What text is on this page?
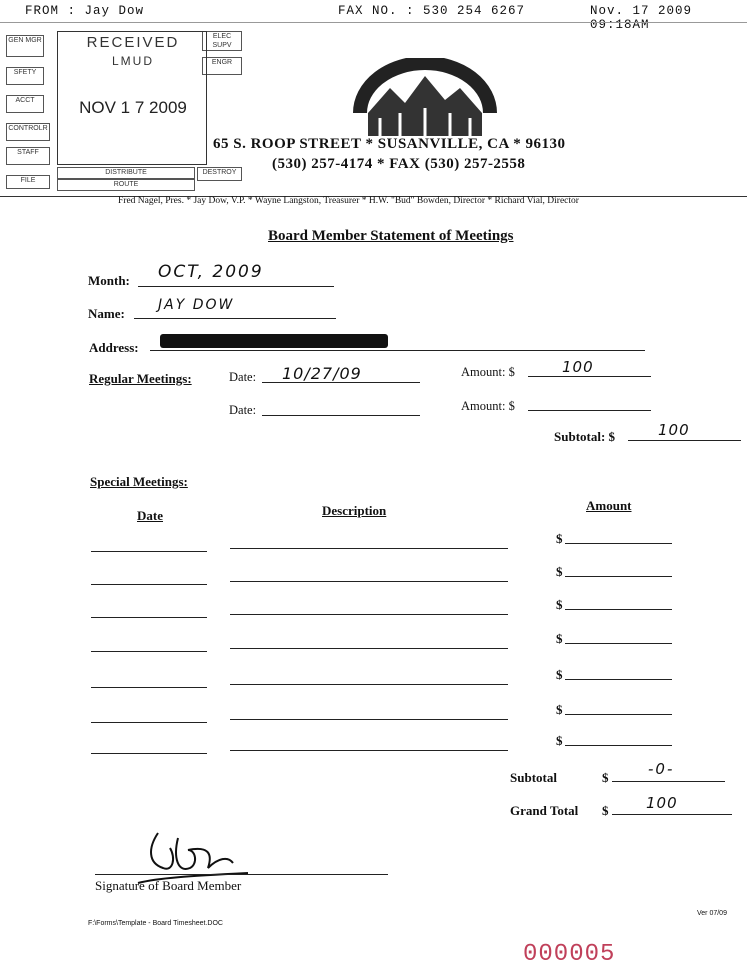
FROM : Jay Dow	FAX NO. : 530 254 6267	Nov. 17 2009 09:18AM
GEN MGR
SFETY
ACCT
CONTROLR
STAFF
FILE
ELEC SUPV
ENGR
DESTROY
RECEIVED
LMUD
NOV 1 7 2009
DISTRIBUTE
ROUTE
65 S. ROOP STREET * SUSANVILLE, CA * 96130
(530) 257-4174 * FAX (530) 257-2558
Fred Nagel, Pres. * Jay Dow, V.P. * Wayne Langston, Treasurer * H.W. "Bud" Bowden, Director * Richard Vial, Director
Board Member Statement of Meetings
Month: OCT, 2009
Name:
JAY DOW
Address:
Regular Meetings:	Date: 10/27/09	Amount: $	100
Date:	Amount: $
Subtotal: $	100
Special Meetings:
Date	Description	Amount
$
$
$
$
$
$
$
Subtotal	$	-0-
Grand Total $	100
Signature of Board Member
F:\Forms\Template - Board Timesheet.DOC
Ver 07/09
000005
